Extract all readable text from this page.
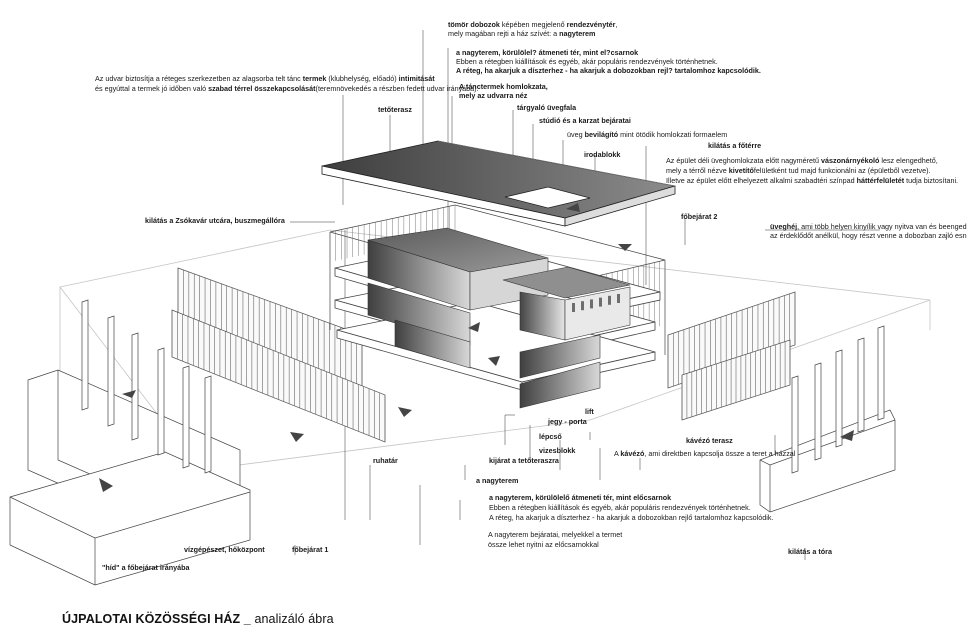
Az udvar biztosítja a réteges szerkezetben az alagsorba telt tánc termek (klubhelység, előadó) intimitását
és egyúttal a termek jó időben való szabad térrel összekapcsolását(teremnövekedés a részben fedett udvar irányába).
tömör dobozok képében megjelenő rendezvénytér,
mely magában rejti a ház szívét: a nagyterem
a nagyterem, körülölel? átmeneti tér, mint el?csarnok
Ebben a rétegben kiállítások és egyéb, akár populáris rendezvények történhetnek.
A réteg, ha akarjuk a díszterhez - ha akarjuk a dobozokban rejl? tartalomhoz kapcsolódik.
A tánctermek homlokzata,
mely az udvarra néz
tárgyaló üvegfala
stúdió és a karzat bejáratai
üveg bevilágító mint ötödik homlokzati formaelem
kilátás a főtérre
irodablokk
Az épület déli üveghomlokzata előtt nagyméretű vászonárnyékoló lesz elengedhető,
mely a térről nézve kivetítőfelületként tud majd funkcionálni az (épületből vezetve).
Illetve az épület előtt elhelyezett alkalmi szabadtéri színpad háttérfelületét tudja biztosítani.
tetőterasz
kilátás a Zsókavár utcára, buszmegállóra	főbejárat 2
üveghéj, ami több helyen kinyílik vagy nyitva van és beenged
az érdeklődőt anélkül, hogy részt venne a dobozban zajló esn
lift
jegy - porta
kávézó terasz
lépcső
vizesblokk
kijárat a tetőteraszra
A kávézó, ami direktben kapcsolja össze a teret a házzal
ruhatár
a nagyterem
a nagyterem, körülölelő átmeneti tér, mint előcsarnok
Ebben a rétegben kiállítások és egyéb, akár populáris rendezvények történhetnek.
A réteg, ha akarjuk a díszterhez - ha akarjuk a dobozokban rejlő tartalomhoz kapcsolódik.
A nagyterem bejáratai, melyekkel a termet
össze lehet nyitni az előcsarnokkal
vízgépészet, hőközpont	főbejárat 1
"híd" a főbejárat irányába
kilátás a tóra
ÚJPALOTAI KÖZÖSSÉGI HÁZ _ analizáló ábra
